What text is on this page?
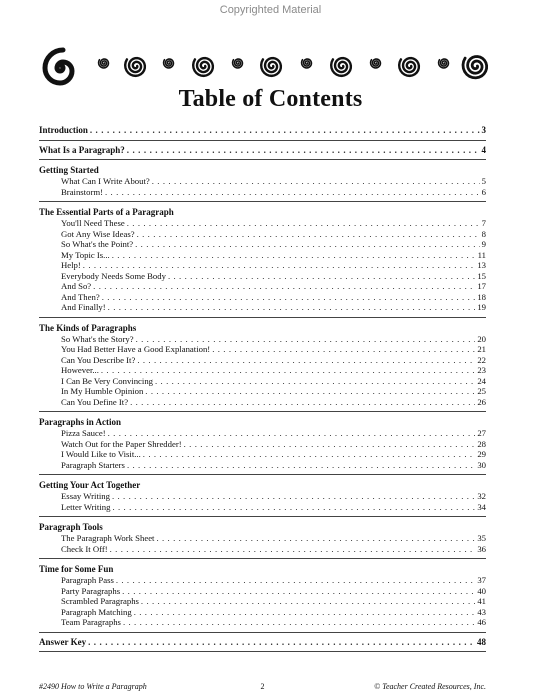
Copyrighted Material
Table of Contents
Introduction . . .	3
What Is a Paragraph? . . .	4
Getting Started
What Can I Write About? . . .	5
Brainstorm! . . .	6
The Essential Parts of a Paragraph
You'll Need These . . .	7
Got Any Wise Ideas? . . .	8
So What's the Point? . . .	9
My Topic Is... . . .	11
Help! . . .	13
Everybody Needs Some Body . . .	15
And So? . . .	17
And Then? . . .	18
And Finally! . . .	19
The Kinds of Paragraphs
So What's the Story? . . .	20
You Had Better Have a Good Explanation! . . .	21
Can You Describe It? . . .	22
However... . . .	23
I Can Be Very Convincing . . .	24
In My Humble Opinion . . .	25
Can You Define It? . . .	26
Paragraphs in Action
Pizza Sauce! . . .	27
Watch Out for the Paper Shredder! . . .	28
I Would Like to Visit... . . .	29
Paragraph Starters . . .	30
Getting Your Act Together
Essay Writing . . .	32
Letter Writing . . .	34
Paragraph Tools
The Paragraph Work Sheet . . .	35
Check It Off! . . .	36
Time for Some Fun
Paragraph Pass . . .	37
Party Paragraphs . . .	40
Scrambled Paragraphs . . .	41
Paragraph Matching . . .	43
Team Paragraphs . . .	46
Answer Key . . .	48
#2490 How to Write a Paragraph	2	© Teacher Created Resources, Inc.
